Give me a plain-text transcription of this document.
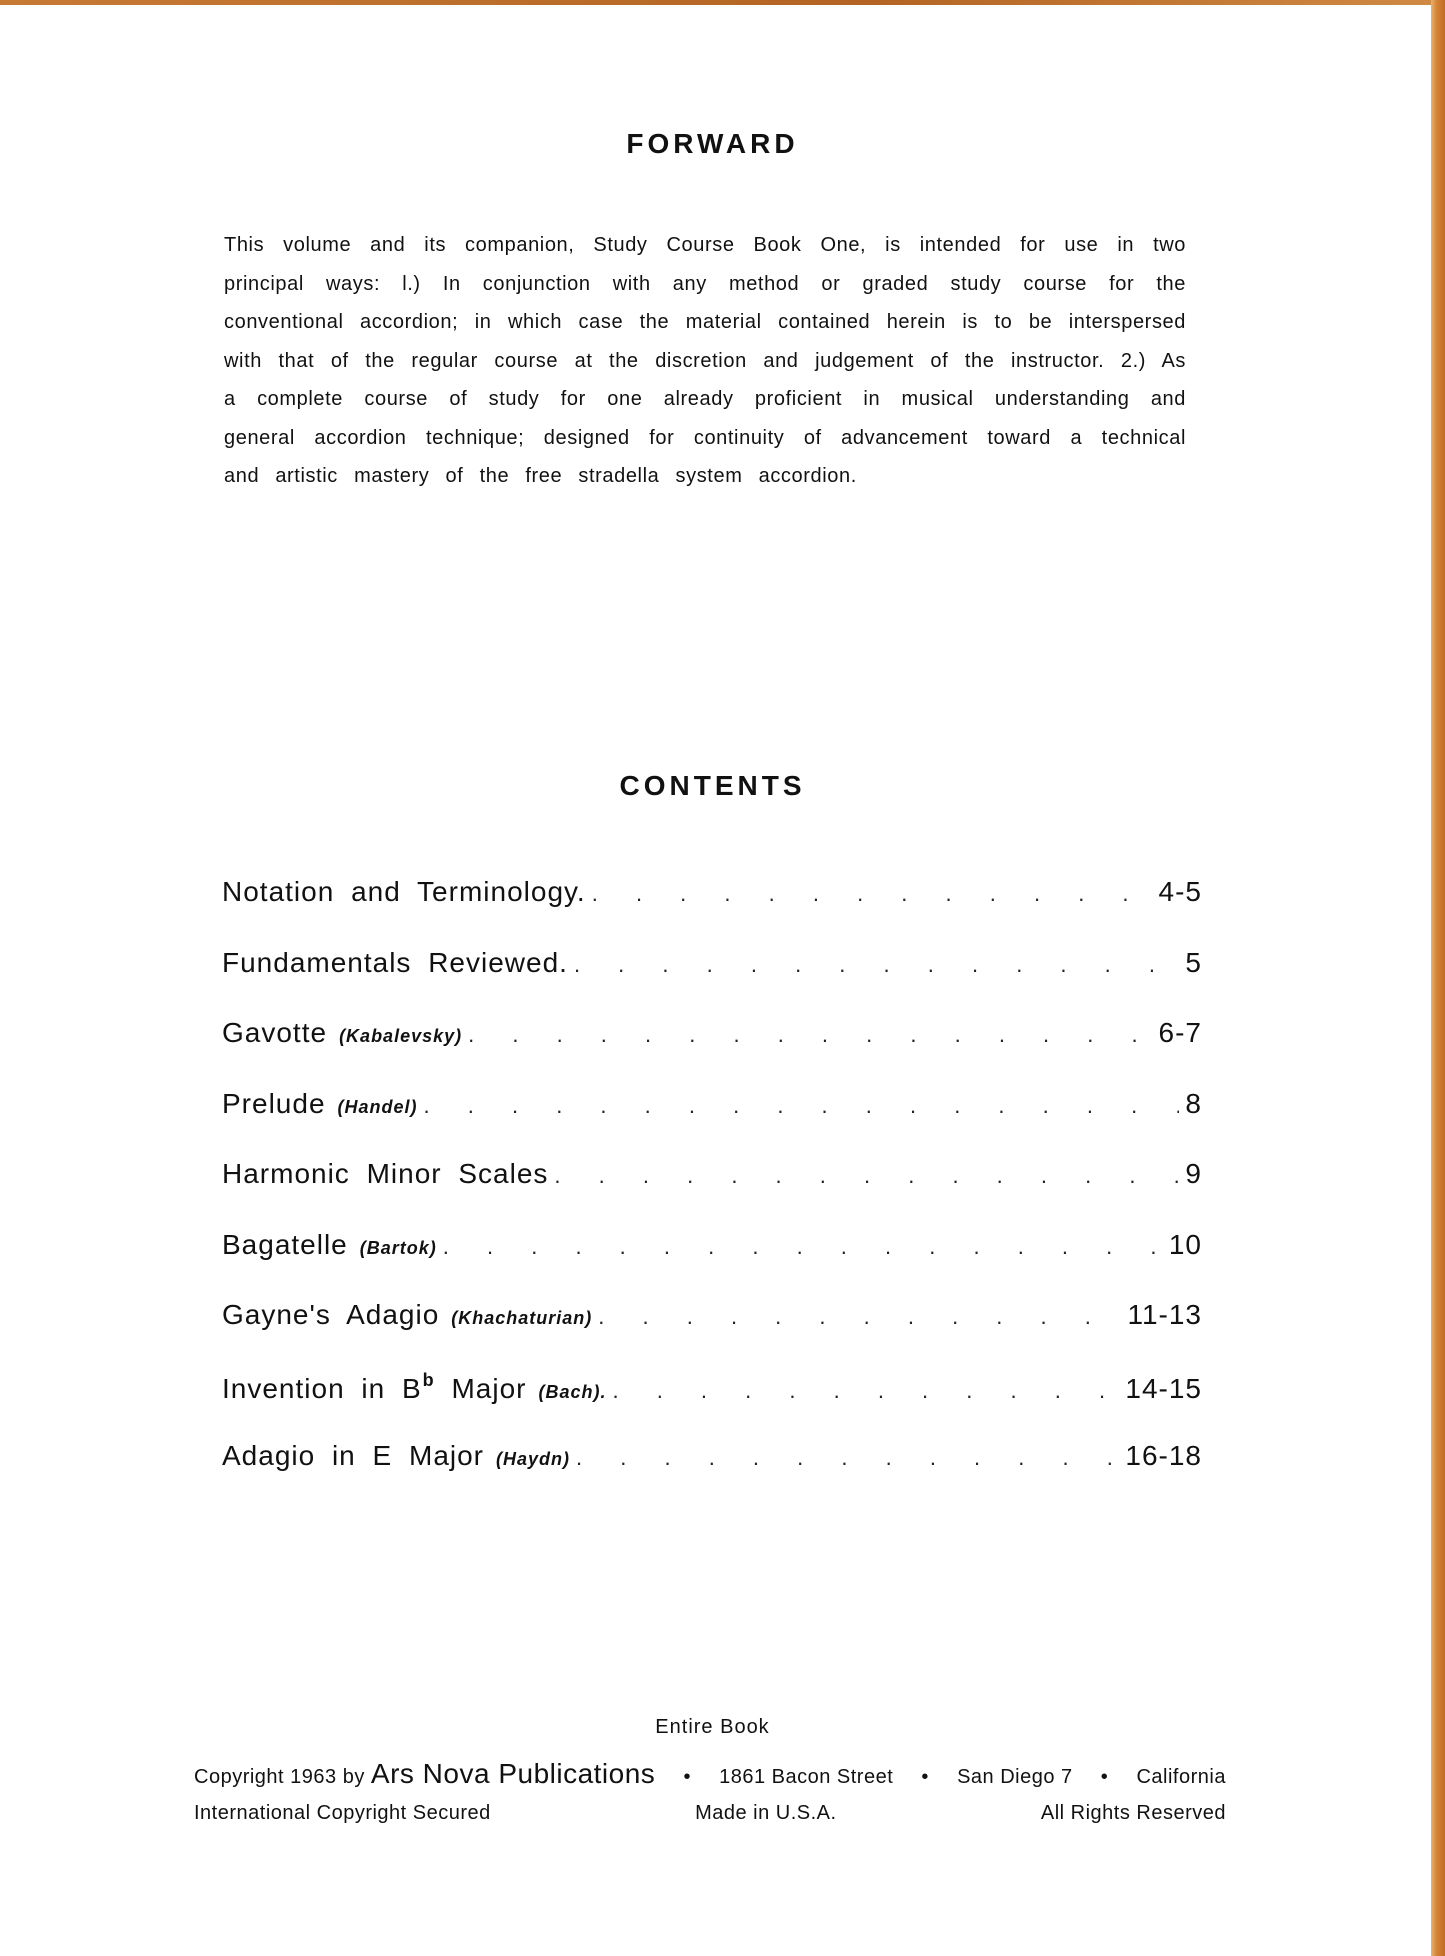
FORWARD

This volume and its companion, Study Course Book One, is intended for use in two principal ways: l.) In conjunction with any method or graded study course for the conventional accordion; in which case the material contained herein is to be interspersed with that of the regular course at the discretion and judgement of the instructor. 2.) As a complete course of study for one already proficient in musical understanding and general accordion technique; designed for continuity of advancement toward a technical and artistic mastery of the free stradella system accordion.

CONTENTS
Notation and Terminology. . . .	4-5
Fundamentals Reviewed. . . .	5
Gavotte (Kabalevsky) . . .	6-7
Prelude (Handel) . . .	8
Harmonic Minor Scales . . .	9
Bagatelle (Bartok) . . .	10
Gayne's Adagio (Khachaturian) . . .	11-13
Invention in $B^b$ Major (Bach). . . .	14-15
Adagio in E Major (Haydn) . . .	16-18
Entire Book
Copyright 1963 by Ars Nova Publications • 1861 Bacon Street • San Diego 7 • California
International Copyright Secured	Made in U.S.A.	All Rights Reserved
